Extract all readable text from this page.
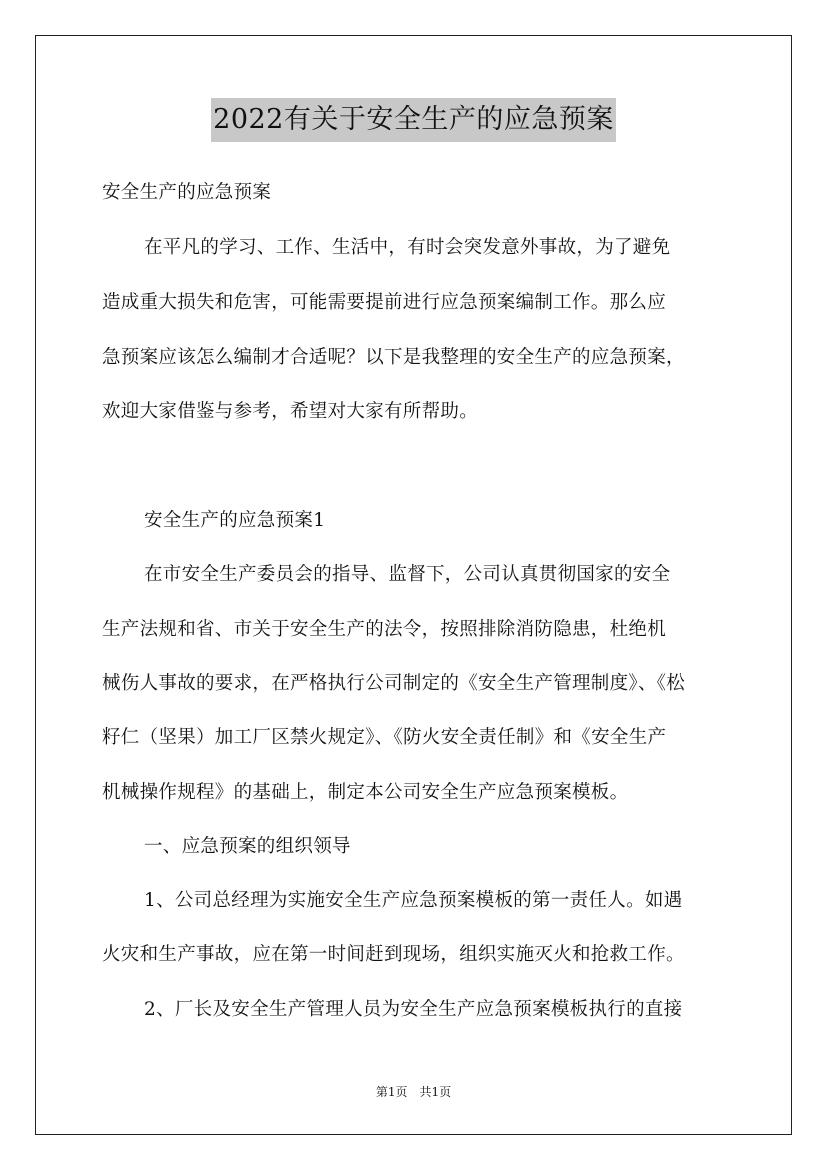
2022有关于安全生产的应急预案
安全生产的应急预案
在平凡的学习、工作、生活中，有时会突发意外事故，为了避免
造成重大损失和危害，可能需要提前进行应急预案编制工作。那么应
急预案应该怎么编制才合适呢？以下是我整理的安全生产的应急预案，
欢迎大家借鉴与参考，希望对大家有所帮助。
安全生产的应急预案1
在市安全生产委员会的指导、监督下，公司认真贯彻国家的安全
生产法规和省、市关于安全生产的法令，按照排除消防隐患，杜绝机
械伤人事故的要求，在严格执行公司制定的《安全生产管理制度》、《松
籽仁（坚果）加工厂区禁火规定》、《防火安全责任制》和《安全生产
机械操作规程》的基础上，制定本公司安全生产应急预案模板。
一、应急预案的组织领导
1、公司总经理为实施安全生产应急预案模板的第一责任人。如遇
火灾和生产事故，应在第一时间赶到现场，组织实施灭火和抢救工作。
2、厂长及安全生产管理人员为安全生产应急预案模板执行的直接
第1页　共1页
